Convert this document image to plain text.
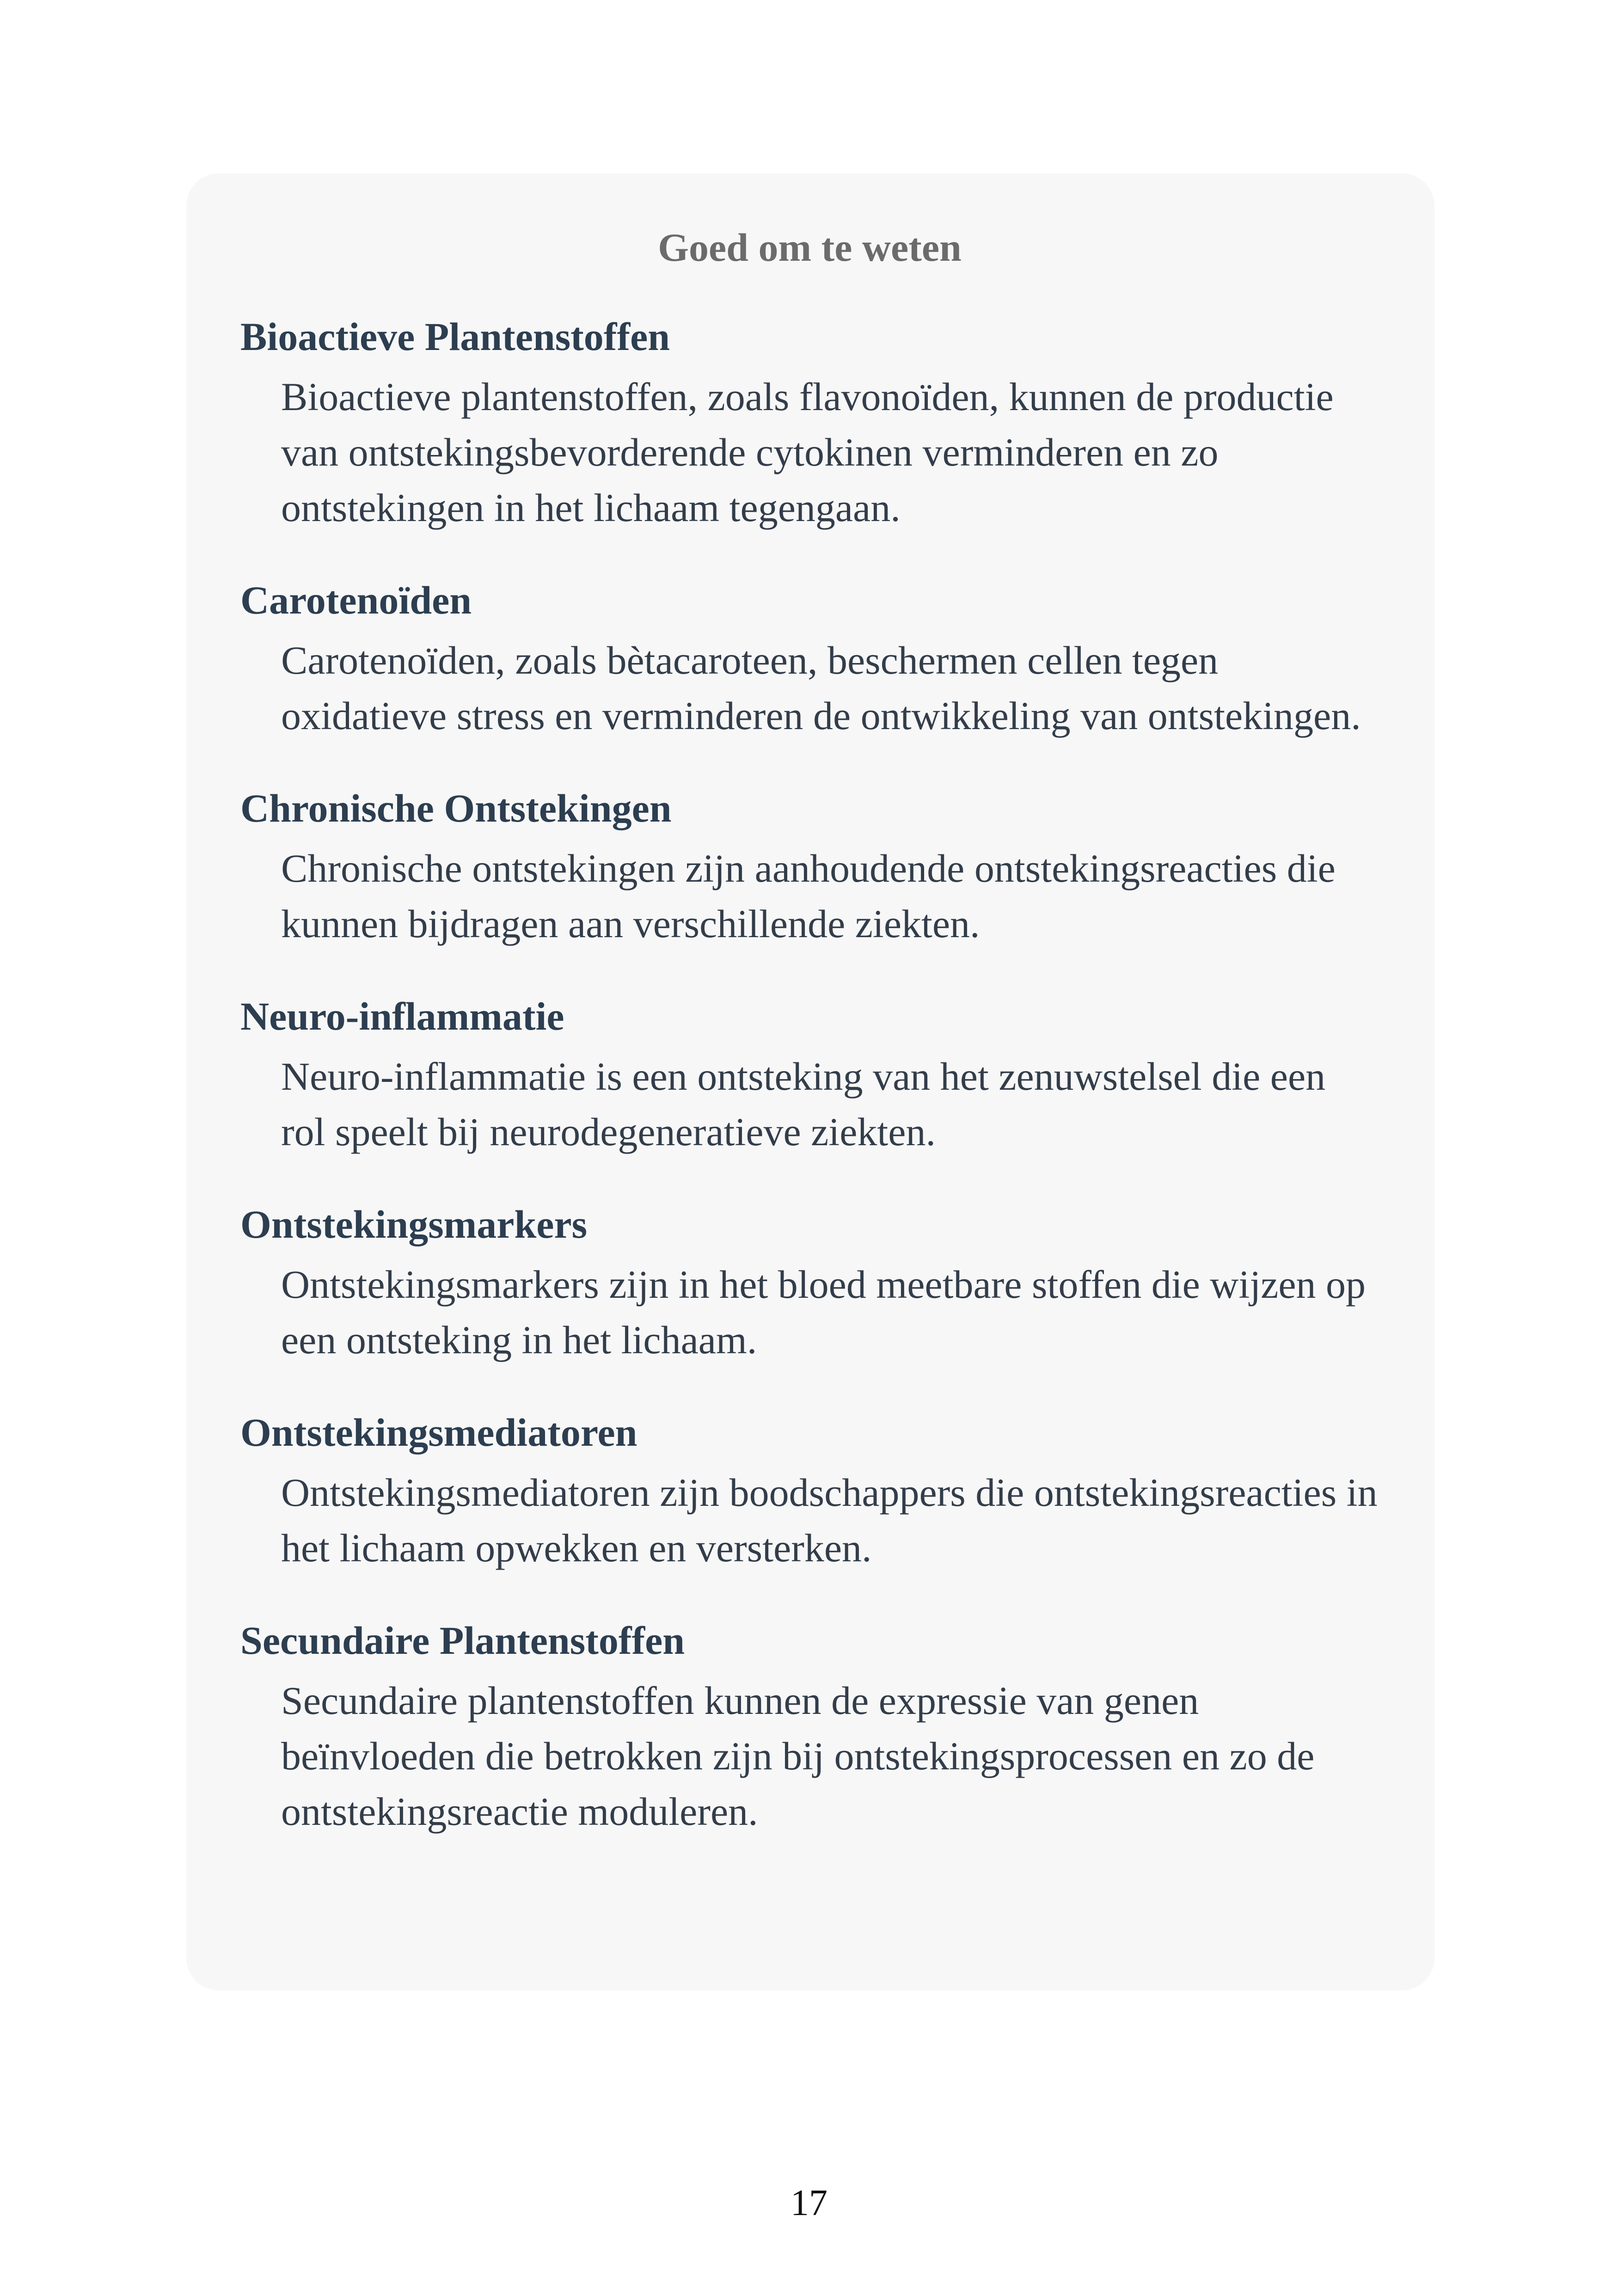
Goed om te weten
Bioactieve Plantenstoffen

Bioactieve plantenstoffen, zoals flavonoïden, kunnen de productie van ontstekingsbevorderende cytokinen verminderen en zo ontstekingen in het lichaam tegengaan.

Carotenoïden

Carotenoïden, zoals bètacaroteen, beschermen cellen tegen oxidatieve stress en verminderen de ontwikkeling van ontstekingen.

Chronische Ontstekingen

Chronische ontstekingen zijn aanhoudende ontstekingsreacties die kunnen bijdragen aan verschillende ziekten.

Neuro-inflammatie

Neuro-inflammatie is een ontsteking van het zenuwstelsel die een rol speelt bij neurodegeneratieve ziekten.

Ontstekingsmarkers

Ontstekingsmarkers zijn in het bloed meetbare stoffen die wijzen op een ontsteking in het lichaam.

Ontstekingsmediatoren

Ontstekingsmediatoren zijn boodschappers die ontstekingsreacties in het lichaam opwekken en versterken.

Secundaire Plantenstoffen

Secundaire plantenstoffen kunnen de expressie van genen beïnvloeden die betrokken zijn bij ontstekingsprocessen en zo de ontstekingsreactie moduleren.

17
